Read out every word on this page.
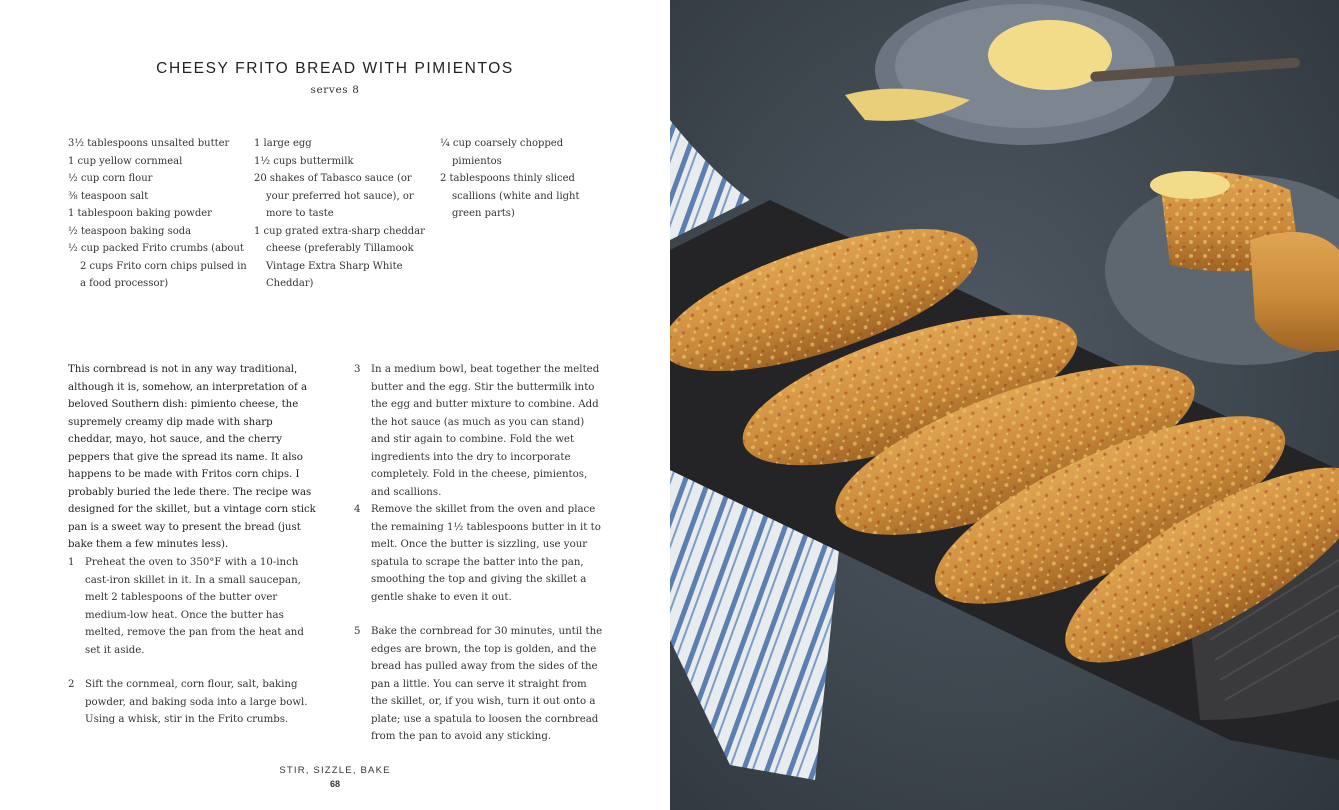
CHEESY FRITO BREAD WITH PIMIENTOS
serves 8
3½ tablespoons unsalted butter
1 cup yellow cornmeal
½ cup corn flour
⅜ teaspoon salt
1 tablespoon baking powder
½ teaspoon baking soda
½ cup packed Frito crumbs (about 2 cups Frito corn chips pulsed in a food processor)
1 large egg
1½ cups buttermilk
20 shakes of Tabasco sauce (or your preferred hot sauce), or more to taste
1 cup grated extra-sharp cheddar cheese (preferably Tillamook Vintage Extra Sharp White Cheddar)
¼ cup coarsely chopped pimientos
2 tablespoons thinly sliced scallions (white and light green parts)

This cornbread is not in any way traditional, although it is, somehow, an interpretation of a beloved Southern dish: pimiento cheese, the supremely creamy dip made with sharp cheddar, mayo, hot sauce, and the cherry peppers that give the spread its name. It also happens to be made with Fritos corn chips. I probably buried the lede there. The recipe was designed for the skillet, but a vintage corn stick pan is a sweet way to present the bread (just bake them a few minutes less).

1 Preheat the oven to 350°F with a 10-inch cast-iron skillet in it. In a small saucepan, melt 2 tablespoons of the butter over medium-low heat. Once the butter has melted, remove the pan from the heat and set it aside.
2 Sift the cornmeal, corn flour, salt, baking powder, and baking soda into a large bowl. Using a whisk, stir in the Frito crumbs.
3 In a medium bowl, beat together the melted butter and the egg. Stir the buttermilk into the egg and butter mixture to combine. Add the hot sauce (as much as you can stand) and stir again to combine. Fold the wet ingredients into the dry to incorporate completely. Fold in the cheese, pimientos, and scallions.
4 Remove the skillet from the oven and place the remaining 1½ tablespoons butter in it to melt. Once the butter is sizzling, use your spatula to scrape the batter into the pan, smoothing the top and giving the skillet a gentle shake to even it out.
5 Bake the cornbread for 30 minutes, until the edges are brown, the top is golden, and the bread has pulled away from the sides of the pan a little. You can serve it straight from the skillet, or, if you wish, turn it out onto a plate; use a spatula to loosen the cornbread from the pan to avoid any sticking.
STIR, SIZZLE, BAKE
68
